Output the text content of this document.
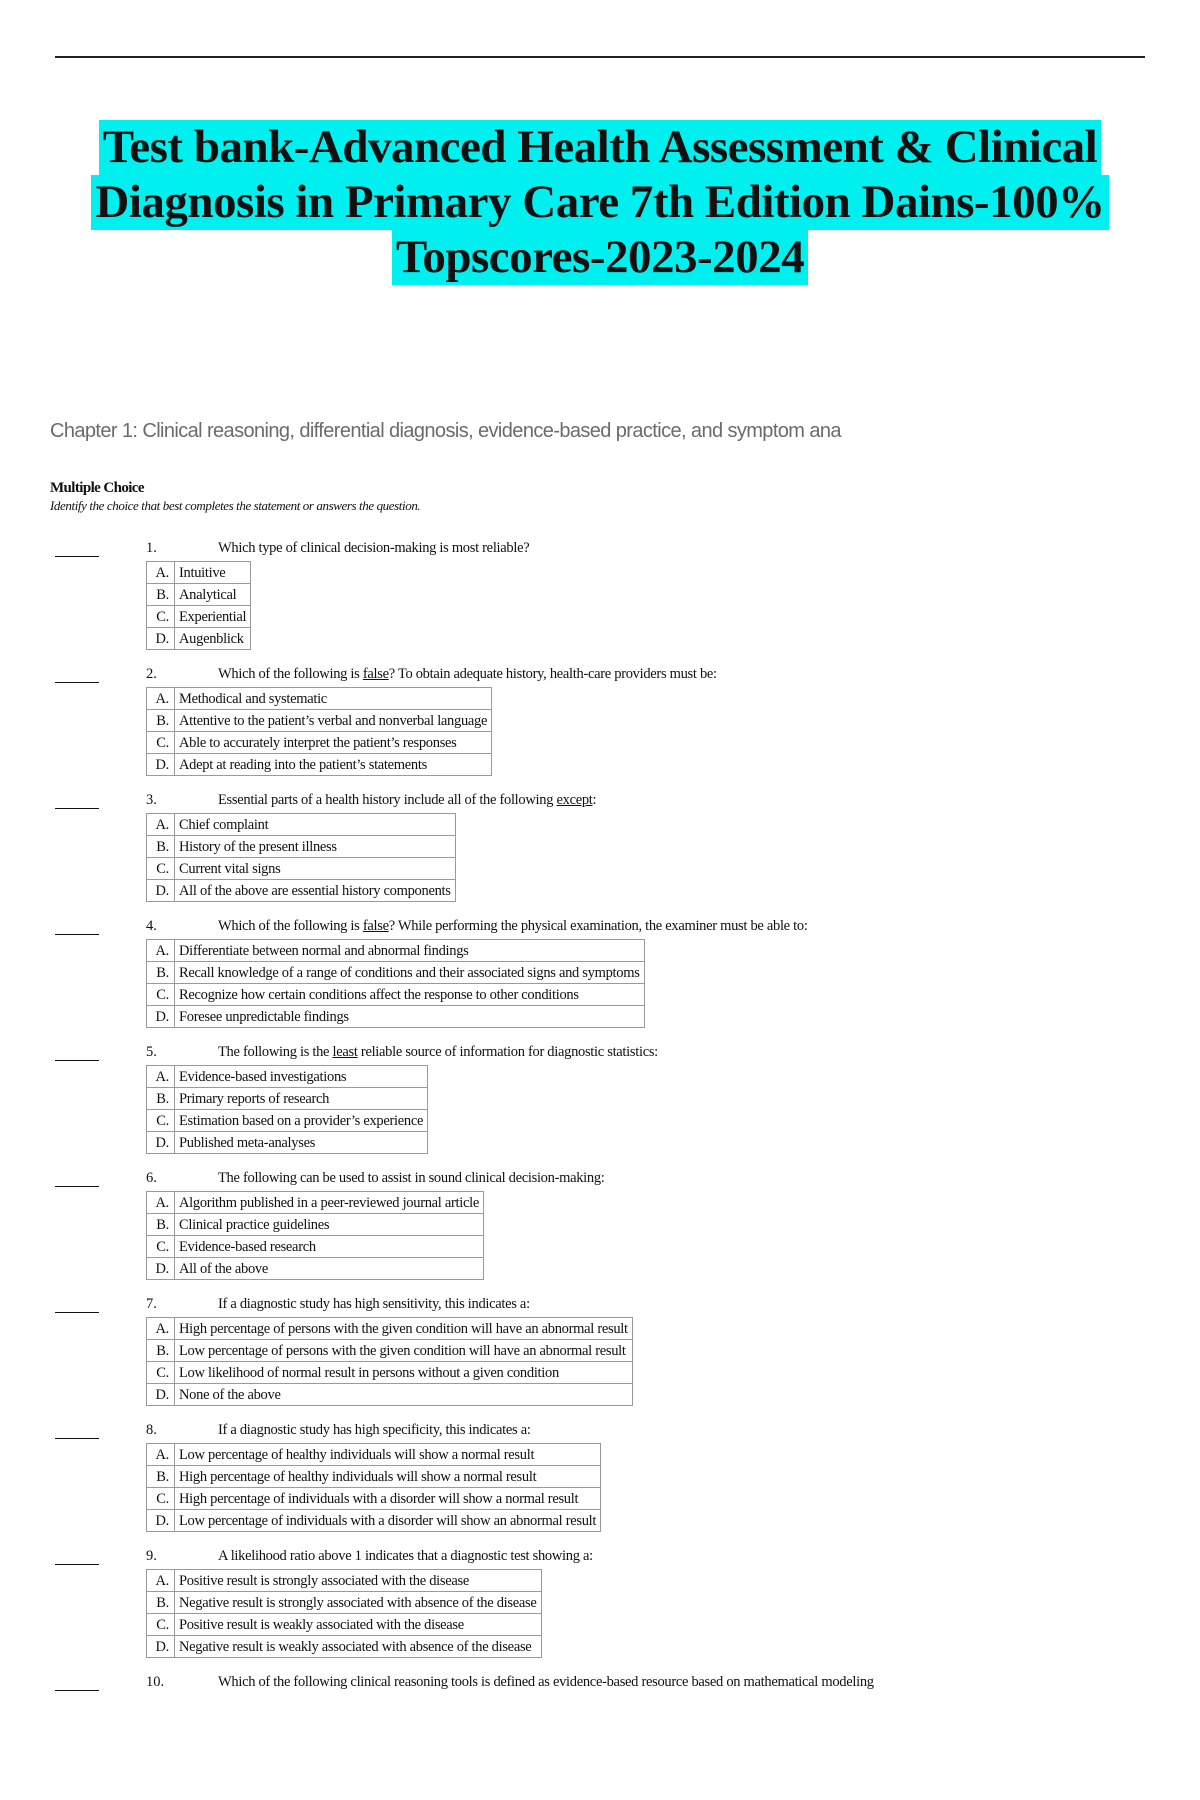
Test bank-Advanced Health Assessment & Clinical
Diagnosis in Primary Care 7th Edition Dains-100%
Topscores-2023-2024
Chapter 1: Clinical reasoning, differential diagnosis, evidence-based practice, and symptom ana
Multiple Choice
Identify the choice that best completes the statement or answers the question.
1.	Which type of clinical decision-making is most reliable?
A.	Intuitive
B.	Analytical
C.	Experiential
D.	Augenblick
2.	Which of the following is false? To obtain adequate history, health-care providers must be:
A.	Methodical and systematic
B.	Attentive to the patient’s verbal and nonverbal language
C.	Able to accurately interpret the patient’s responses
D.	Adept at reading into the patient’s statements
3.	Essential parts of a health history include all of the following except:
A.	Chief complaint
B.	History of the present illness
C.	Current vital signs
D.	All of the above are essential history components
4.	Which of the following is false? While performing the physical examination, the examiner must be able to:
A.	Differentiate between normal and abnormal findings
B.	Recall knowledge of a range of conditions and their associated signs and symptoms
C.	Recognize how certain conditions affect the response to other conditions
D.	Foresee unpredictable findings
5.	The following is the least reliable source of information for diagnostic statistics:
A.	Evidence-based investigations
B.	Primary reports of research
C.	Estimation based on a provider’s experience
D.	Published meta-analyses
6.	The following can be used to assist in sound clinical decision-making:
A.	Algorithm published in a peer-reviewed journal article
B.	Clinical practice guidelines
C.	Evidence-based research
D.	All of the above
7.	If a diagnostic study has high sensitivity, this indicates a:
A.	High percentage of persons with the given condition will have an abnormal result
B.	Low percentage of persons with the given condition will have an abnormal result
C.	Low likelihood of normal result in persons without a given condition
D.	None of the above
8.	If a diagnostic study has high specificity, this indicates a:
A.	Low percentage of healthy individuals will show a normal result
B.	High percentage of healthy individuals will show a normal result
C.	High percentage of individuals with a disorder will show a normal result
D.	Low percentage of individuals with a disorder will show an abnormal result
9.	A likelihood ratio above 1 indicates that a diagnostic test showing a:
A.	Positive result is strongly associated with the disease
B.	Negative result is strongly associated with absence of the disease
C.	Positive result is weakly associated with the disease
D.	Negative result is weakly associated with absence of the disease
10.	Which of the following clinical reasoning tools is defined as evidence-based resource based on mathematical modeling
